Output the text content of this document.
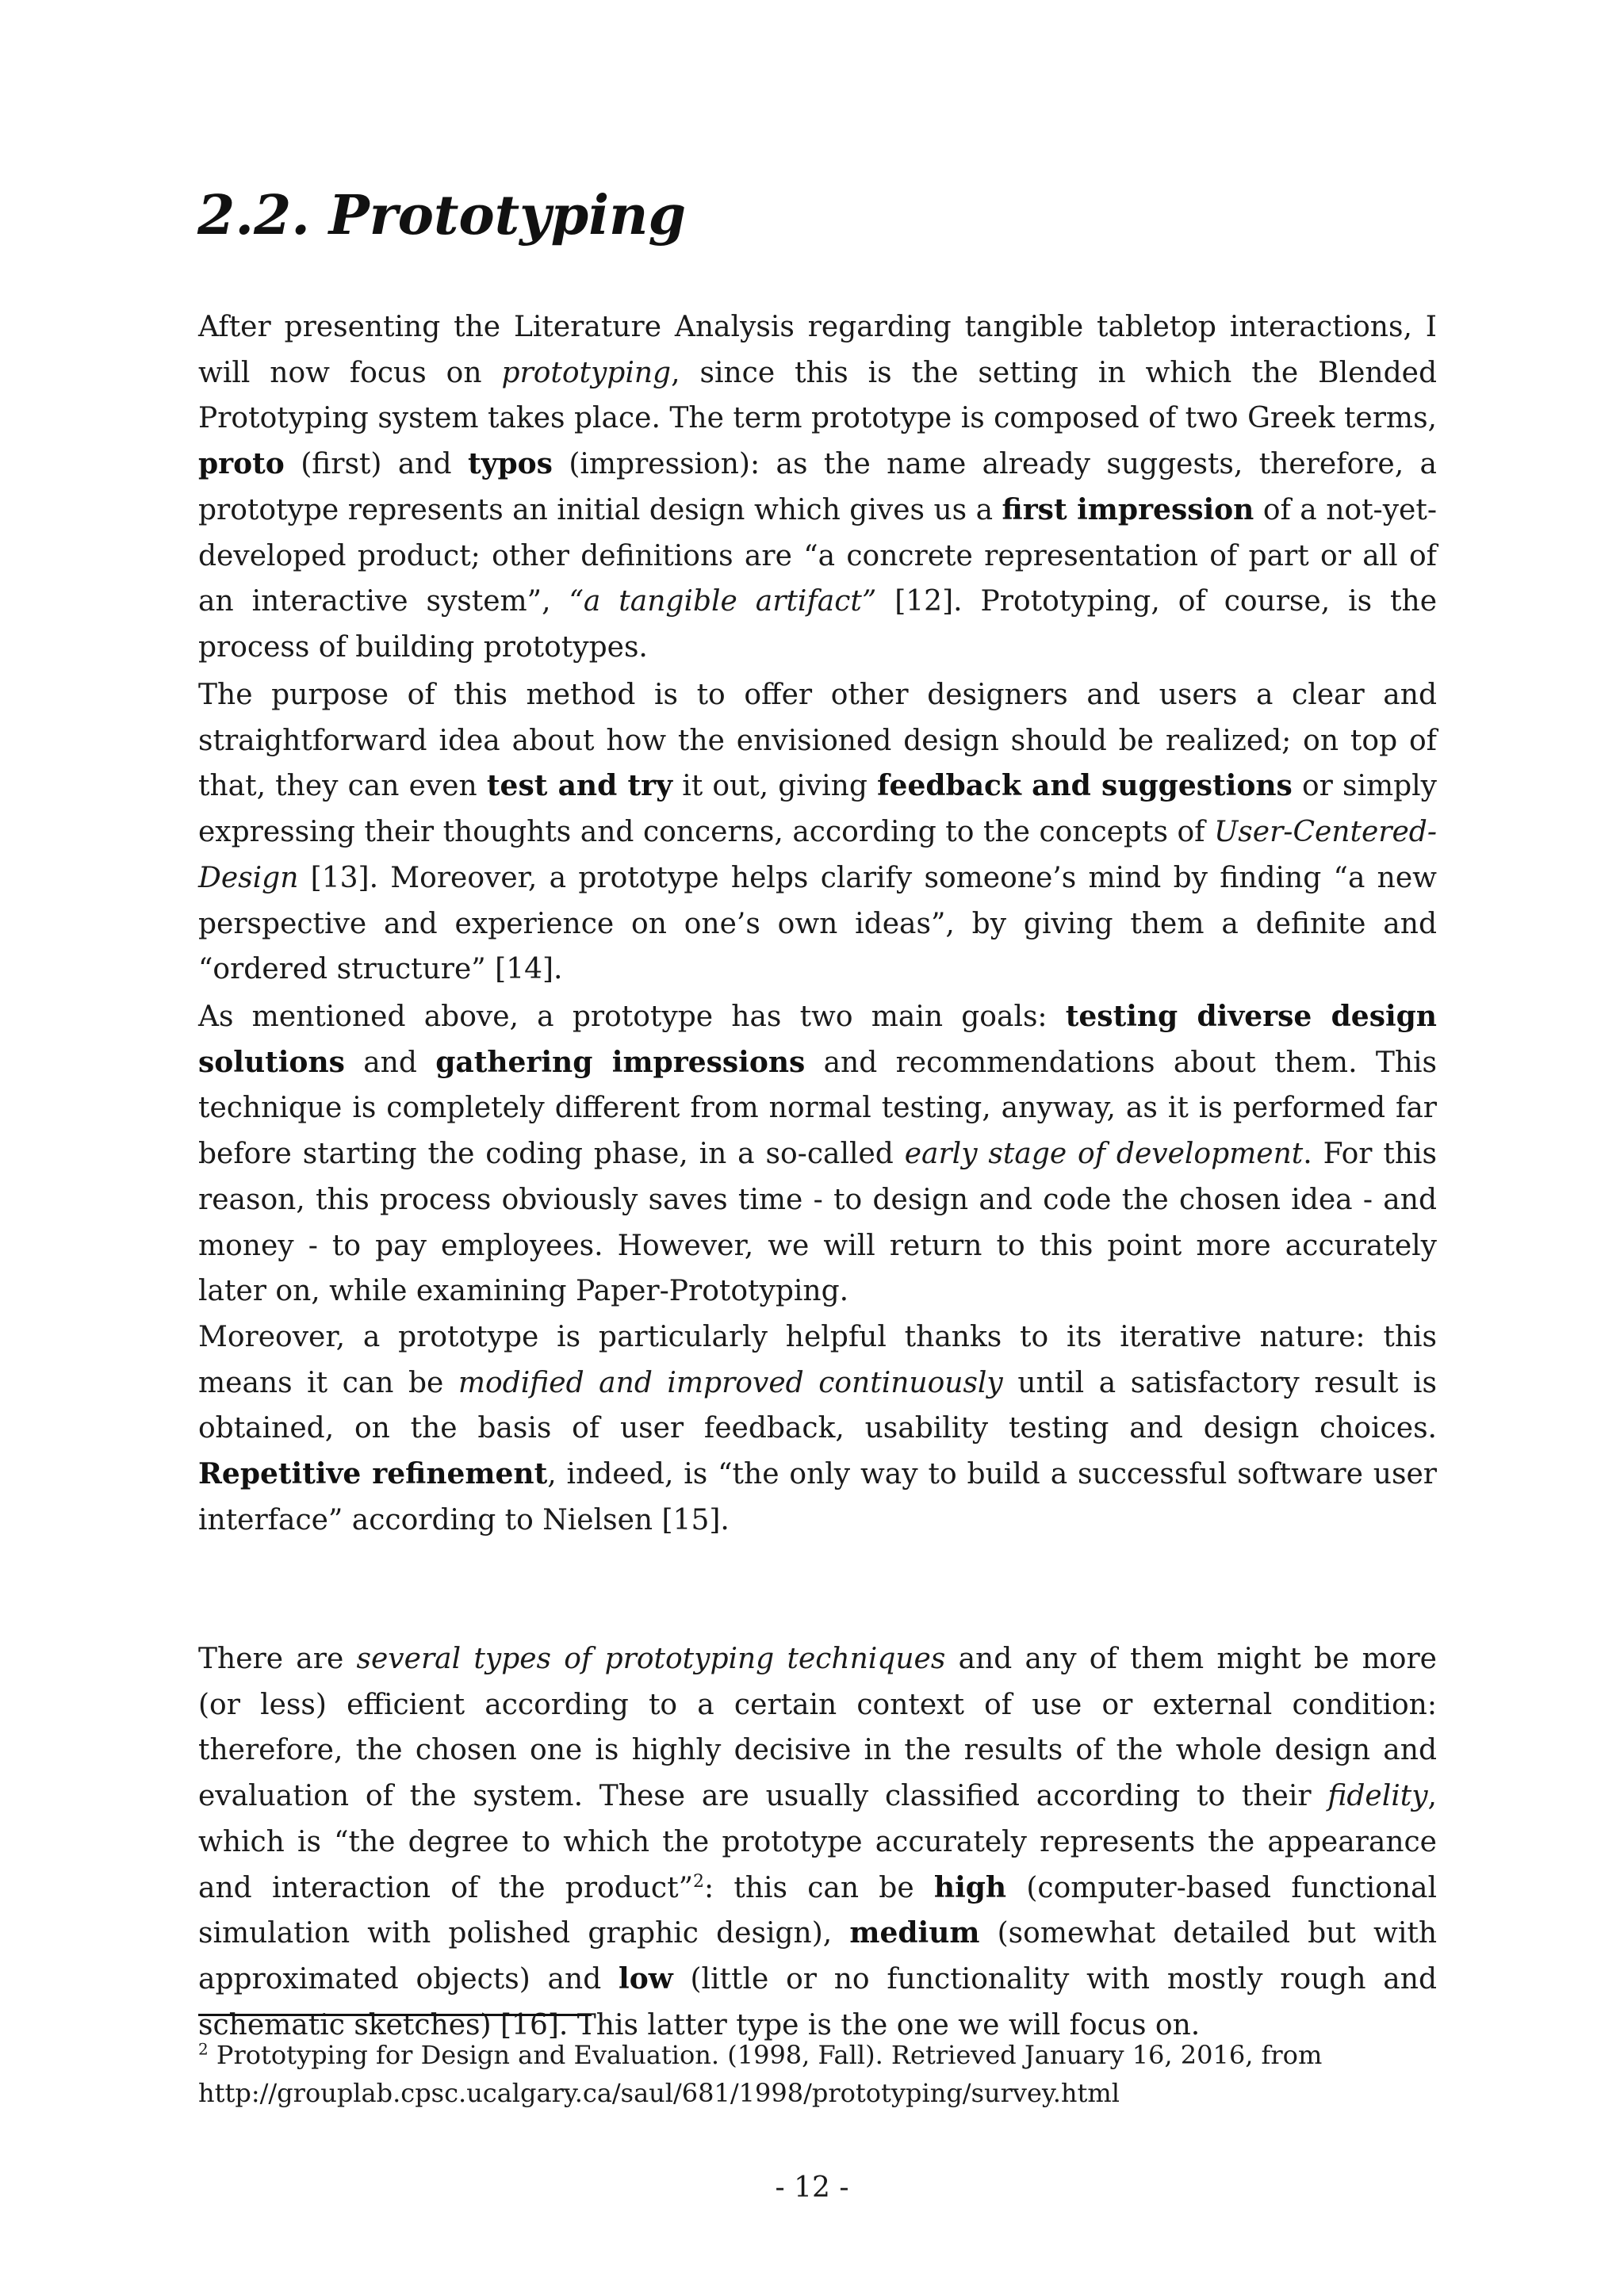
2.2. Prototyping

After presenting the Literature Analysis regarding tangible tabletop interactions, I will now focus on prototyping, since this is the setting in which the Blended Prototyping system takes place. The term prototype is composed of two Greek terms, proto (first) and typos (impression): as the name already suggests, therefore, a prototype represents an initial design which gives us a first impression of a not-yet-developed product; other definitions are “a concrete representation of part or all of an interactive system”, “a tangible artifact” [12]. Prototyping, of course, is the process of building prototypes.

The purpose of this method is to offer other designers and users a clear and straightforward idea about how the envisioned design should be realized; on top of that, they can even test and try it out, giving feedback and suggestions or simply expressing their thoughts and concerns, according to the concepts of User-Centered-Design [13]. Moreover, a prototype helps clarify someone’s mind by finding “a new perspective and experience on one’s own ideas”, by giving them a definite and “ordered structure” [14].

As mentioned above, a prototype has two main goals: testing diverse design solutions and gathering impressions and recommendations about them. This technique is completely different from normal testing, anyway, as it is performed far before starting the coding phase, in a so-called early stage of development. For this reason, this process obviously saves time - to design and code the chosen idea - and money - to pay employees. However, we will return to this point more accurately later on, while examining Paper-Prototyping.

Moreover, a prototype is particularly helpful thanks to its iterative nature: this means it can be modified and improved continuously until a satisfactory result is obtained, on the basis of user feedback, usability testing and design choices. Repetitive refinement, indeed, is “the only way to build a successful software user interface” according to Nielsen [15].

There are several types of prototyping techniques and any of them might be more (or less) efficient according to a certain context of use or external condition: therefore, the chosen one is highly decisive in the results of the whole design and evaluation of the system. These are usually classified according to their fidelity, which is “the degree to which the prototype accurately represents the appearance and interaction of the product”$^2$: this can be high (computer-based functional simulation with polished graphic design), medium (somewhat detailed but with approximated objects) and low (little or no functionality with mostly rough and schematic sketches) [16]. This latter type is the one we will focus on.

$^2$ Prototyping for Design and Evaluation. (1998, Fall). Retrieved January 16, 2016, from
http://grouplab.cpsc.ucalgary.ca/saul/681/1998/prototyping/survey.html
- 12 -
